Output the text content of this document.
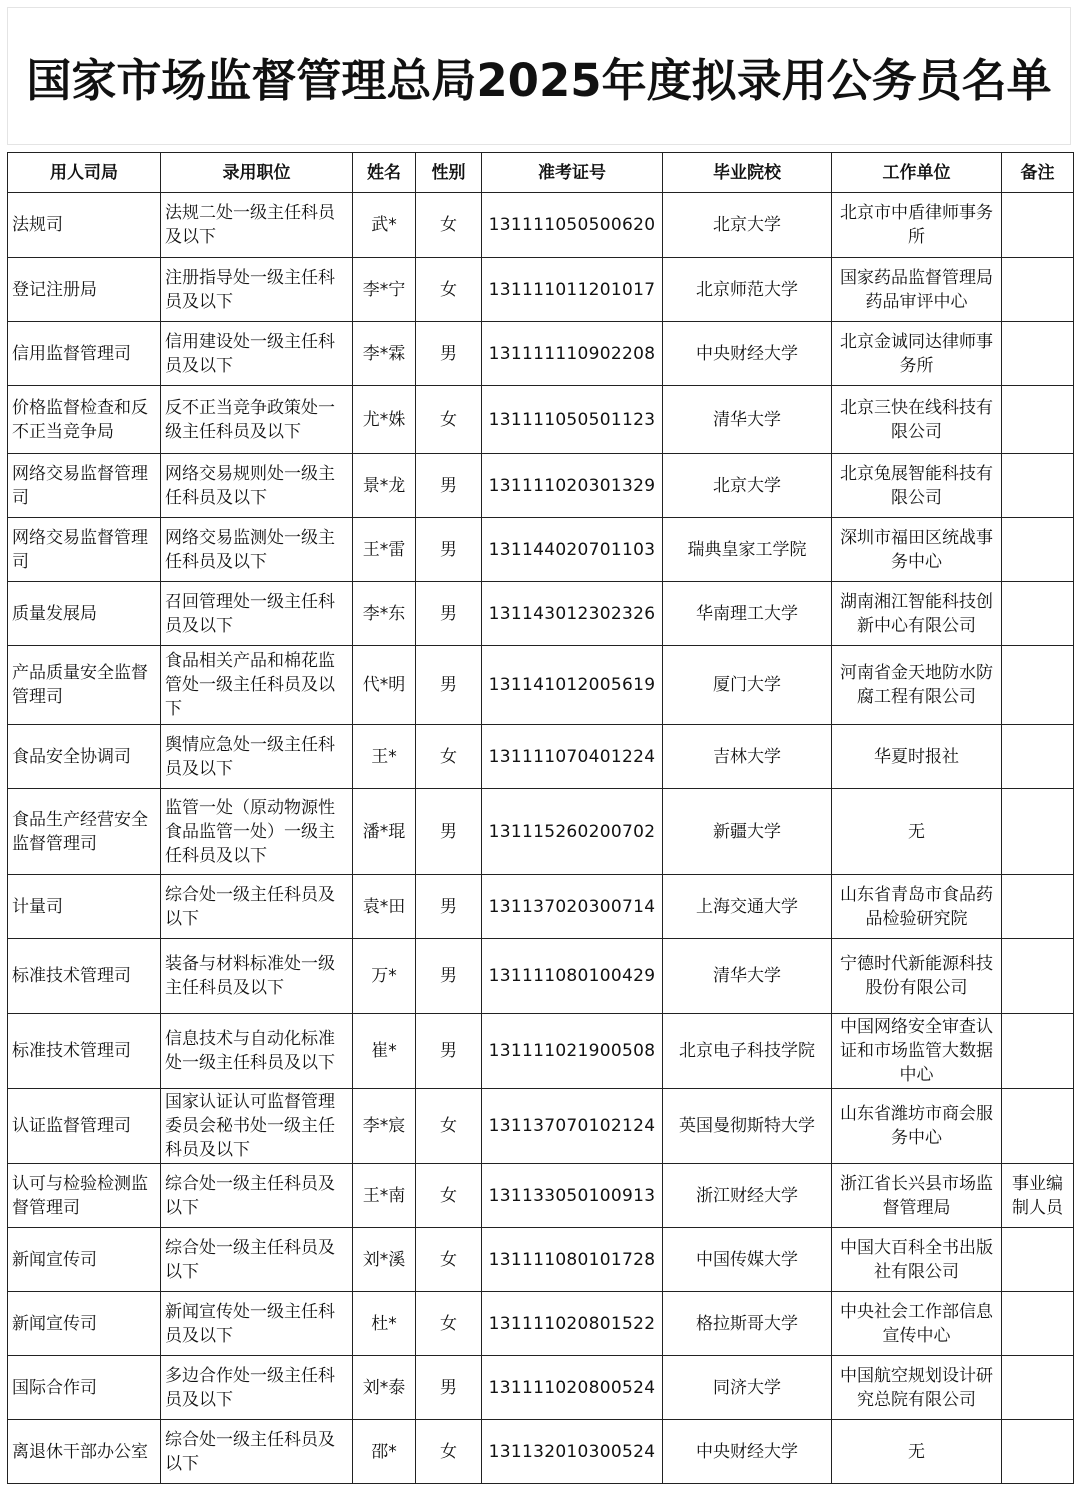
国家市场监督管理总局2025年度拟录用公务员名单
用人司局	录用职位	姓名	性别	准考证号	毕业院校	工作单位	备注
法规司	法规二处一级主任科员及以下	武*	女	131111050500620	北京大学	北京市中盾律师事务所	
登记注册局	注册指导处一级主任科员及以下	李*宁	女	131111011201017	北京师范大学	国家药品监督管理局药品审评中心	
信用监督管理司	信用建设处一级主任科员及以下	李*霖	男	131111110902208	中央财经大学	北京金诚同达律师事务所	
价格监督检查和反不正当竞争局	反不正当竞争政策处一级主任科员及以下	尤*姝	女	131111050501123	清华大学	北京三快在线科技有限公司	
网络交易监督管理司	网络交易规则处一级主任科员及以下	景*龙	男	131111020301329	北京大学	北京兔展智能科技有限公司	
网络交易监督管理司	网络交易监测处一级主任科员及以下	王*雷	男	131144020701103	瑞典皇家工学院	深圳市福田区统战事务中心	
质量发展局	召回管理处一级主任科员及以下	李*东	男	131143012302326	华南理工大学	湖南湘江智能科技创新中心有限公司	
产品质量安全监督管理司	食品相关产品和棉花监管处一级主任科员及以下	代*明	男	131141012005619	厦门大学	河南省金天地防水防腐工程有限公司	
食品安全协调司	舆情应急处一级主任科员及以下	王*	女	131111070401224	吉林大学	华夏时报社	
食品生产经营安全监督管理司	监管一处（原动物源性食品监管一处）一级主任科员及以下	潘*琨	男	131115260200702	新疆大学	无	
计量司	综合处一级主任科员及以下	袁*田	男	131137020300714	上海交通大学	山东省青岛市食品药品检验研究院	
标准技术管理司	装备与材料标准处一级主任科员及以下	万*	男	131111080100429	清华大学	宁德时代新能源科技股份有限公司	
标准技术管理司	信息技术与自动化标准处一级主任科员及以下	崔*	男	131111021900508	北京电子科技学院	中国网络安全审查认证和市场监管大数据中心	
认证监督管理司	国家认证认可监督管理委员会秘书处一级主任科员及以下	李*宸	女	131137070102124	英国曼彻斯特大学	山东省潍坊市商会服务中心	
认可与检验检测监督管理司	综合处一级主任科员及以下	王*南	女	131133050100913	浙江财经大学	浙江省长兴县市场监督管理局	事业编制人员
新闻宣传司	综合处一级主任科员及以下	刘*溪	女	131111080101728	中国传媒大学	中国大百科全书出版社有限公司	
新闻宣传司	新闻宣传处一级主任科员及以下	杜*	女	131111020801522	格拉斯哥大学	中央社会工作部信息宣传中心	
国际合作司	多边合作处一级主任科员及以下	刘*泰	男	131111020800524	同济大学	中国航空规划设计研究总院有限公司	
离退休干部办公室	综合处一级主任科员及以下	邵*	女	131132010300524	中央财经大学	无	
